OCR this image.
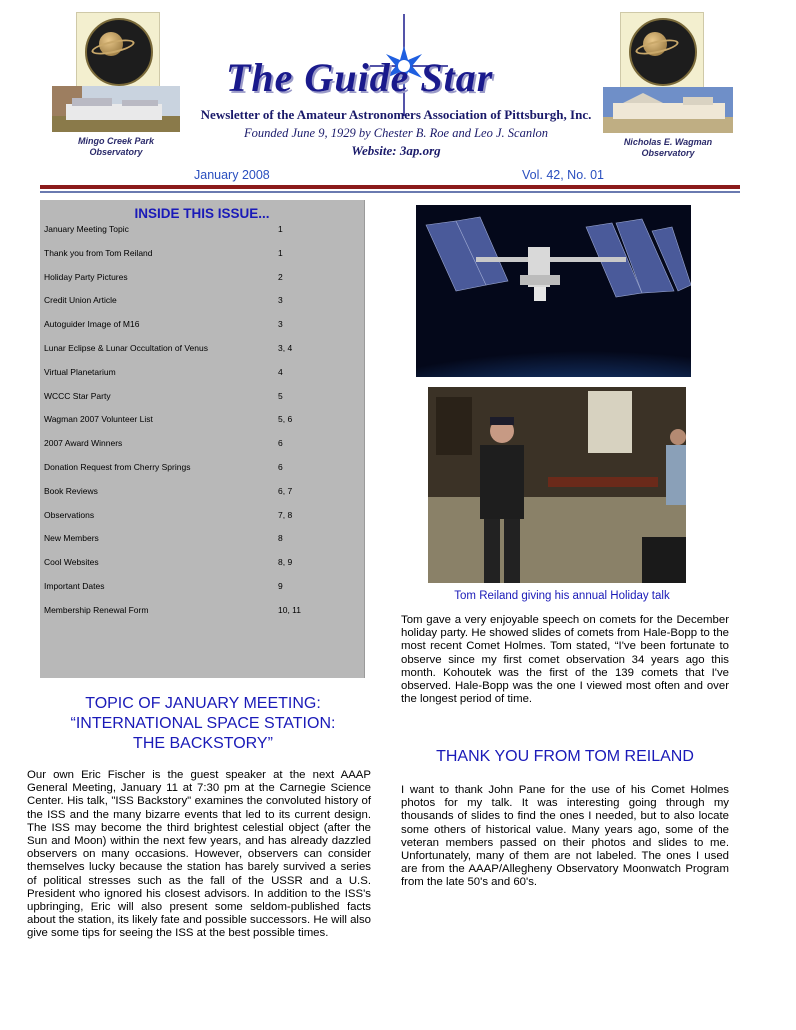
Mingo Creek Park Observatory
Nicholas E. Wagman Observatory
The Guide Star
Newsletter of the Amateur Astronomers Association of Pittsburgh, Inc.
Founded June 9, 1929 by Chester B. Roe and Leo J. Scanlon
Website: 3ap.org
January 2008	Vol. 42, No. 01
INSIDE THIS ISSUE...
January Meeting Topic	1
Thank you from Tom Reiland	1
Holiday Party Pictures	2
Credit Union Article	3
Autoguider Image of M16	3
Lunar Eclipse & Lunar Occultation of Venus	3, 4
Virtual Planetarium	4
WCCC Star Party	5
Wagman 2007 Volunteer List	5, 6
2007 Award Winners	6
Donation Request from Cherry Springs	6
Book Reviews	6, 7
Observations	7, 8
New Members	8
Cool Websites	8, 9
Important Dates	9
Membership Renewal Form	10, 11
TOPIC OF JANUARY MEETING:
“INTERNATIONAL SPACE STATION:
THE BACKSTORY”
Our own Eric Fischer is the guest speaker at the next AAAP General Meeting, January 11 at 7:30 pm at the Carnegie Science Center. His talk, "ISS Backstory" examines the convoluted history of the ISS and the many bizarre events that led to its current design. The ISS may become the third brightest celestial object (after the Sun and Moon) within the next few years, and has already dazzled observers on many occasions. However, observers can consider themselves lucky because the station has barely survived a series of political stresses such as the fall of the USSR and a U.S. President who ignored his closest advisors. In addition to the ISS's upbringing, Eric will also present some seldom-published facts about the station, its likely fate and possible successors. He will also give some tips for seeing the ISS at the best possible times.
Tom Reiland giving his annual Holiday talk
Tom gave a very enjoyable speech on comets for the December holiday party. He showed slides of comets from Hale-Bopp to the most recent Comet Holmes. Tom stated, “I've been fortunate to observe since my first comet observation 34 years ago this month. Kohoutek was the first of the 139 comets that I've observed. Hale-Bopp was the one I viewed most often and over the longest period of time.
THANK YOU FROM TOM REILAND
I want to thank John Pane for the use of his Comet Holmes photos for my talk. It was interesting going through my thousands of slides to find the ones I needed, but to also locate some others of historical value. Many years ago, some of the veteran members passed on their photos and slides to me. Unfortunately, many of them are not labeled. The ones I used are from the AAAP/Allegheny Observatory Moonwatch Program from the late 50's and 60's.
